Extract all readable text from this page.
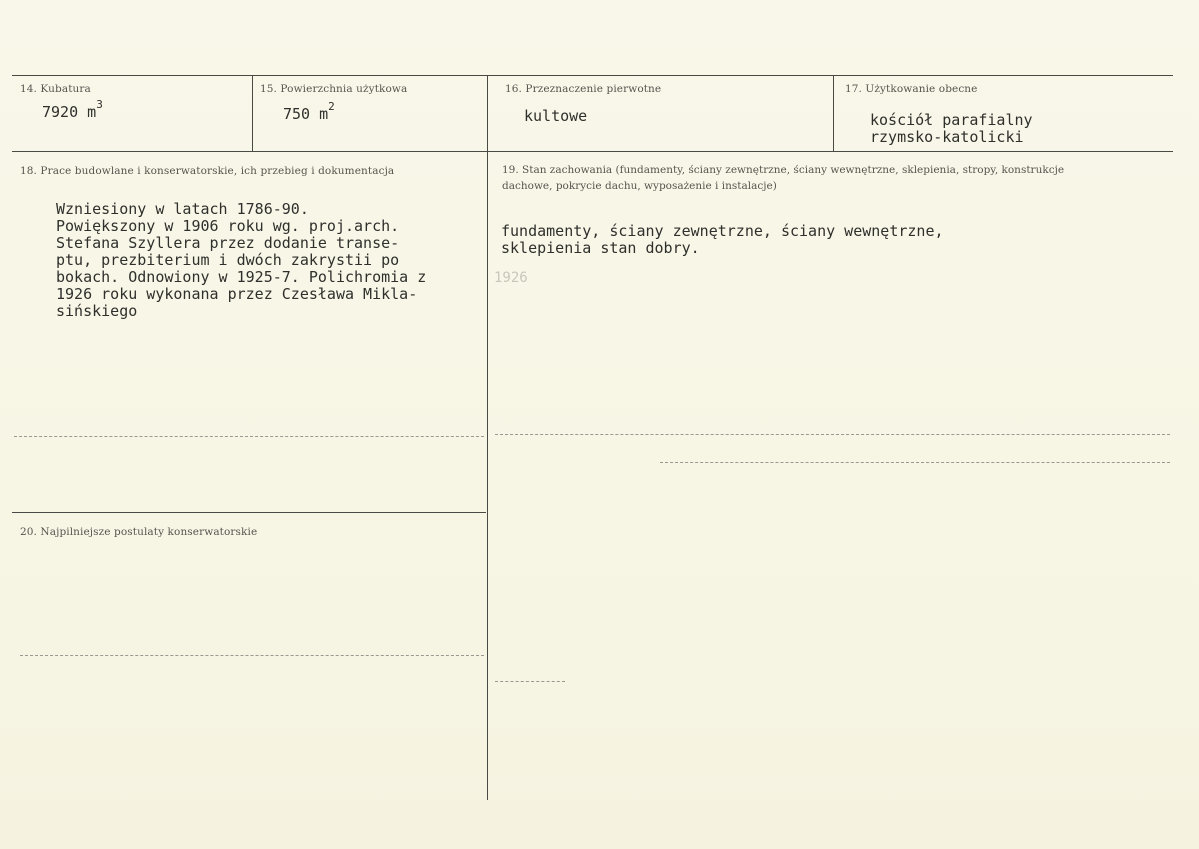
14. Kubatura
7920 $m^3$
15. Powierzchnia użytkowa
750 $m^2$
16. Przeznaczenie pierwotne
kultowe
17. Użytkowanie obecne
kościół parafialny
rzymsko-katolicki
18. Prace budowlane i konserwatorskie, ich przebieg i dokumentacja
Wzniesiony w latach 1786-90.
Powiększony w 1906 roku wg. proj.arch.
Stefana Szyllera przez dodanie transe-
ptu, prezbiterium i dwóch zakrystii po
bokach. Odnowiony w 1925-7. Polichromia z
1926 roku wykonana przez Czesława Mikla-
sińskiego
19. Stan zachowania (fundamenty, ściany zewnętrzne, ściany wewnętrzne, sklepienia, stropy, konstrukcje dachowe, pokrycie dachu, wyposażenie i instalacje)
fundamenty, ściany zewnętrzne, ściany wewnętrzne,
sklepienia stan dobry.
1926
20. Najpilniejsze postulaty konserwatorskie
